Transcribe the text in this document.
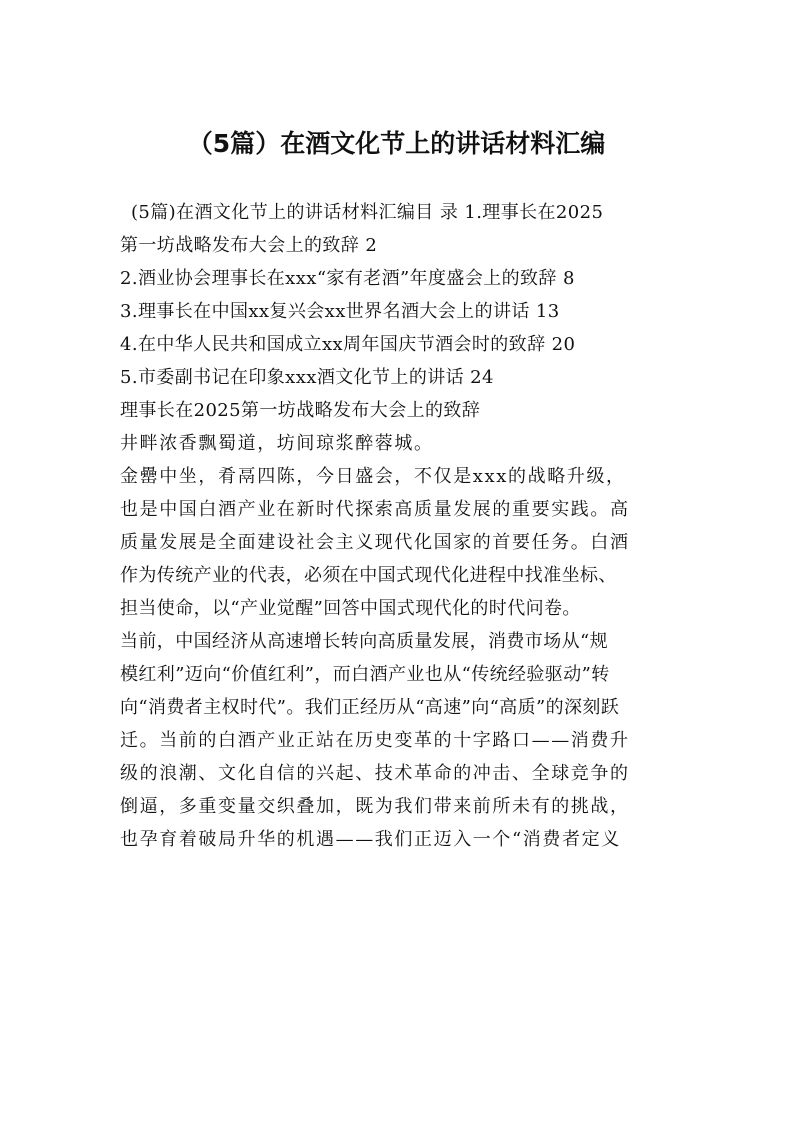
（5篇）在酒文化节上的讲话材料汇编
(5篇)在酒文化节上的讲话材料汇编目 录 1.理事长在2025
第一坊战略发布大会上的致辞 2
2.酒业协会理事长在xxx“家有老酒”年度盛会上的致辞 8
3.理事长在中国xx复兴会xx世界名酒大会上的讲话 13
4.在中华人民共和国成立xx周年国庆节酒会时的致辞 20
5.市委副书记在印象xxx酒文化节上的讲话 24
理事长在2025第一坊战略发布大会上的致辞
井畔浓香飘蜀道，坊间琼浆醉蓉城。
金罍中坐，肴鬲四陈，今日盛会，不仅是xxx的战略升级，
也是中国白酒产业在新时代探索高质量发展的重要实践。高
质量发展是全面建设社会主义现代化国家的首要任务。白酒
作为传统产业的代表，必须在中国式现代化进程中找准坐标、
担当使命，以“产业觉醒”回答中国式现代化的时代问卷。
当前，中国经济从高速增长转向高质量发展，消费市场从“规
模红利”迈向“价值红利”，而白酒产业也从“传统经验驱动”转
向“消费者主权时代”。我们正经历从“高速”向“高质”的深刻跃
迁。当前的白酒产业正站在历史变革的十字路口——消费升
级的浪潮、文化自信的兴起、技术革命的冲击、全球竞争的
倒逼，多重变量交织叠加，既为我们带来前所未有的挑战，
也孕育着破局升华的机遇——我们正迈入一个“消费者定义
